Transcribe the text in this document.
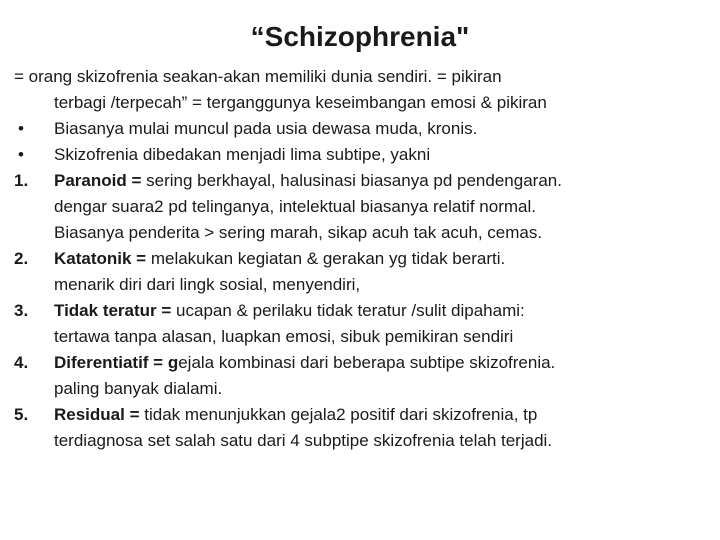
“Schizophrenia"
= orang skizofrenia seakan-akan memiliki dunia sendiri. = pikiran
terbagi /terpecah” = terganggunya keseimbangan emosi & pikiran
•	Biasanya mulai muncul pada usia dewasa muda, kronis.
•	Skizofrenia dibedakan menjadi lima subtipe, yakni
1.	Paranoid = sering berkhayal, halusinasi biasanya pd pendengaran.
dengar suara2 pd telinganya, intelektual biasanya relatif normal.
Biasanya penderita > sering marah, sikap acuh tak acuh, cemas.
2.	Katatonik = melakukan kegiatan & gerakan yg tidak berarti.
menarik diri dari lingk sosial, menyendiri,
3.	Tidak teratur = ucapan & perilaku tidak teratur /sulit dipahami:
tertawa tanpa alasan, luapkan emosi, sibuk pemikiran sendiri
4.	Diferentiatif = gejala kombinasi dari beberapa subtipe skizofrenia.
paling banyak dialami.
5.	Residual = tidak menunjukkan gejala2 positif dari skizofrenia, tp
terdiagnosa set salah satu dari 4 subptipe skizofrenia telah terjadi.
